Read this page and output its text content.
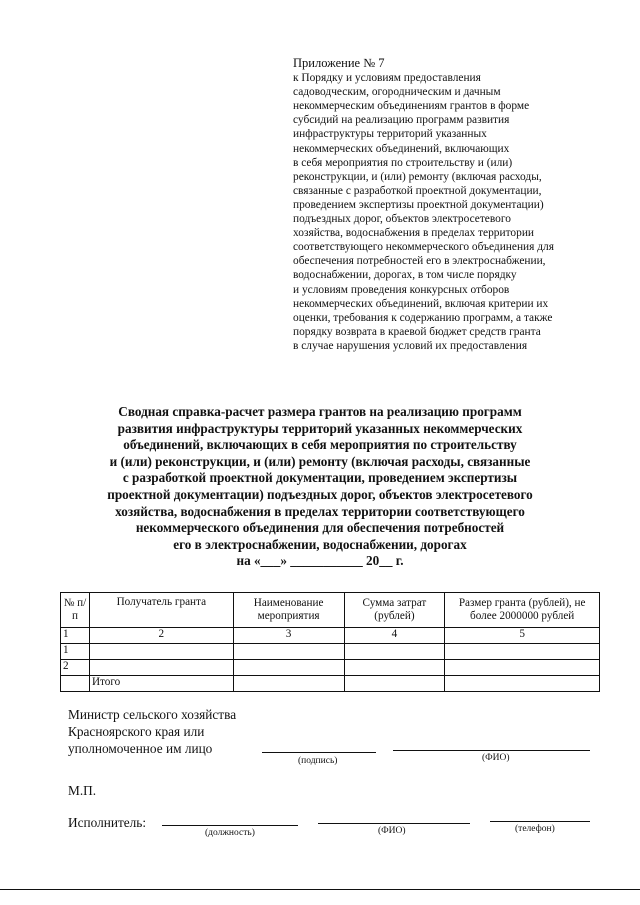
Приложение № 7
к Порядку и условиям предоставления
садоводческим, огородническим и дачным
некоммерческим объединениям грантов в форме
субсидий на реализацию программ развития
инфраструктуры территорий указанных
некоммерческих объединений, включающих
в себя мероприятия по строительству и (или)
реконструкции, и (или) ремонту (включая расходы,
связанные с разработкой проектной документации,
проведением экспертизы проектной документации)
подъездных дорог, объектов электросетевого
хозяйства, водоснабжения в пределах территории
соответствующего некоммерческого объединения для
обеспечения потребностей его в электроснабжении,
водоснабжении, дорогах, в том числе порядку
и условиям проведения конкурсных отборов
некоммерческих объединений, включая критерии их
оценки, требования к содержанию программ, а также
порядку возврата в краевой бюджет средств гранта
в случае нарушения условий их предоставления
Сводная справка-расчет размера грантов на реализацию программ
развития инфраструктуры территорий указанных некоммерческих
объединений, включающих в себя мероприятия по строительству
и (или) реконструкции, и (или) ремонту (включая расходы, связанные
с разработкой проектной документации, проведением экспертизы
проектной документации) подъездных дорог, объектов электросетевого
хозяйства, водоснабжения в пределах территории соответствующего
некоммерческого объединения для обеспечения потребностей
его в электроснабжении, водоснабжении, дорогах
на «___» ___________ 20__ г.
№ п/п	Получатель гранта	Наименование мероприятия	Сумма затрат (рублей)	Размер гранта (рублей), не более 2000000 рублей
1	2	3	4	5
1				
2				
	Итого			
Министр сельского хозяйства
Красноярского края или
уполномоченное им лицо
(подпись)	(ФИО)
М.П.
Исполнитель:
(должность)	(ФИО)	(телефон)
